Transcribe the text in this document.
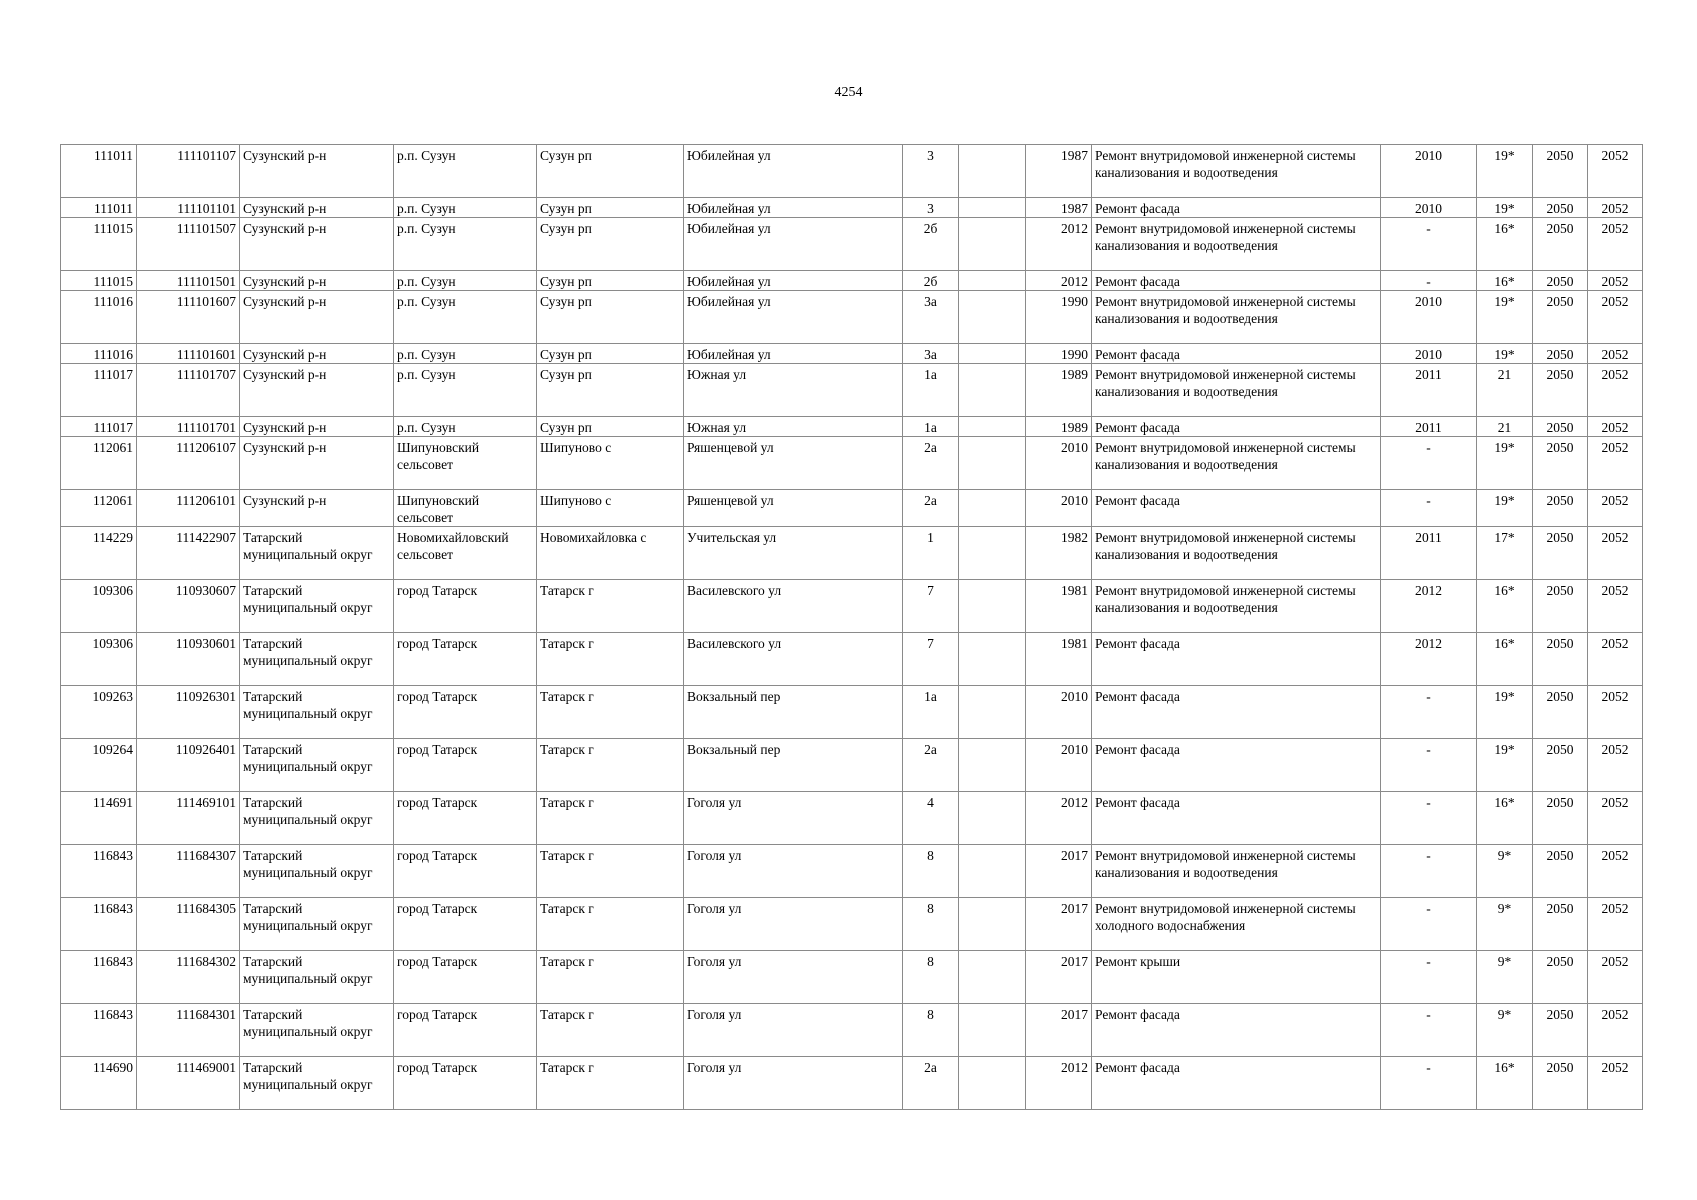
4254
111011	111101107	Сузунский р-н	р.п. Сузун	Сузун рп	Юбилейная ул	3		1987	Ремонт внутридомовой инженерной системы канализования и водоотведения	2010	19*	2050	2052
111011	111101101	Сузунский р-н	р.п. Сузун	Сузун рп	Юбилейная ул	3		1987	Ремонт фасада	2010	19*	2050	2052
111015	111101507	Сузунский р-н	р.п. Сузун	Сузун рп	Юбилейная ул	2б		2012	Ремонт внутридомовой инженерной системы канализования и водоотведения	-	16*	2050	2052
111015	111101501	Сузунский р-н	р.п. Сузун	Сузун рп	Юбилейная ул	2б		2012	Ремонт фасада	-	16*	2050	2052
111016	111101607	Сузунский р-н	р.п. Сузун	Сузун рп	Юбилейная ул	3а		1990	Ремонт внутридомовой инженерной системы канализования и водоотведения	2010	19*	2050	2052
111016	111101601	Сузунский р-н	р.п. Сузун	Сузун рп	Юбилейная ул	3а		1990	Ремонт фасада	2010	19*	2050	2052
111017	111101707	Сузунский р-н	р.п. Сузун	Сузун рп	Южная ул	1а		1989	Ремонт внутридомовой инженерной системы канализования и водоотведения	2011	21	2050	2052
111017	111101701	Сузунский р-н	р.п. Сузун	Сузун рп	Южная ул	1а		1989	Ремонт фасада	2011	21	2050	2052
112061	111206107	Сузунский р-н	Шипуновский сельсовет	Шипуново с	Ряшенцевой ул	2а		2010	Ремонт внутридомовой инженерной системы канализования и водоотведения	-	19*	2050	2052
112061	111206101	Сузунский р-н	Шипуновский сельсовет	Шипуново с	Ряшенцевой ул	2а		2010	Ремонт фасада	-	19*	2050	2052
114229	111422907	Татарский муниципальный округ	Новомихайловский сельсовет	Новомихайловка с	Учительская ул	1		1982	Ремонт внутридомовой инженерной системы канализования и водоотведения	2011	17*	2050	2052
109306	110930607	Татарский муниципальный округ	город Татарск	Татарск г	Василевского ул	7		1981	Ремонт внутридомовой инженерной системы канализования и водоотведения	2012	16*	2050	2052
109306	110930601	Татарский муниципальный округ	город Татарск	Татарск г	Василевского ул	7		1981	Ремонт фасада	2012	16*	2050	2052
109263	110926301	Татарский муниципальный округ	город Татарск	Татарск г	Вокзальный пер	1а		2010	Ремонт фасада	-	19*	2050	2052
109264	110926401	Татарский муниципальный округ	город Татарск	Татарск г	Вокзальный пер	2а		2010	Ремонт фасада	-	19*	2050	2052
114691	111469101	Татарский муниципальный округ	город Татарск	Татарск г	Гоголя ул	4		2012	Ремонт фасада	-	16*	2050	2052
116843	111684307	Татарский муниципальный округ	город Татарск	Татарск г	Гоголя ул	8		2017	Ремонт внутридомовой инженерной системы канализования и водоотведения	-	9*	2050	2052
116843	111684305	Татарский муниципальный округ	город Татарск	Татарск г	Гоголя ул	8		2017	Ремонт внутридомовой инженерной системы холодного водоснабжения	-	9*	2050	2052
116843	111684302	Татарский муниципальный округ	город Татарск	Татарск г	Гоголя ул	8		2017	Ремонт крыши	-	9*	2050	2052
116843	111684301	Татарский муниципальный округ	город Татарск	Татарск г	Гоголя ул	8		2017	Ремонт фасада	-	9*	2050	2052
114690	111469001	Татарский муниципальный округ	город Татарск	Татарск г	Гоголя ул	2а		2012	Ремонт фасада	-	16*	2050	2052
